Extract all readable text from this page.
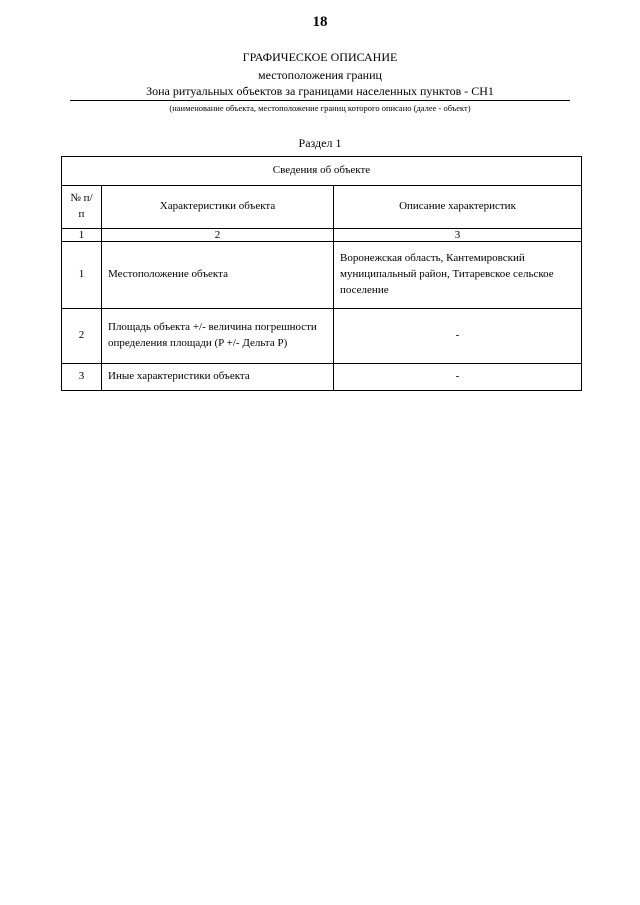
18
ГРАФИЧЕСКОЕ ОПИСАНИЕ
местоположения границ
Зона ритуальных объектов за границами населенных пунктов - СН1
(наименование объекта, местоположение границ которого описано (далее - объект)
Раздел 1
Сведения об объекте		
№ п/п	Характеристики объекта	Описание характеристик
1	2	3
1	Местоположение объекта	Воронежская область, Кантемировский муниципальный район, Титаревское сельское поселение
2	Площадь объекта +/- величина погрешности определения площади (P +/- Дельта P)	-
3	Иные характеристики объекта	-
